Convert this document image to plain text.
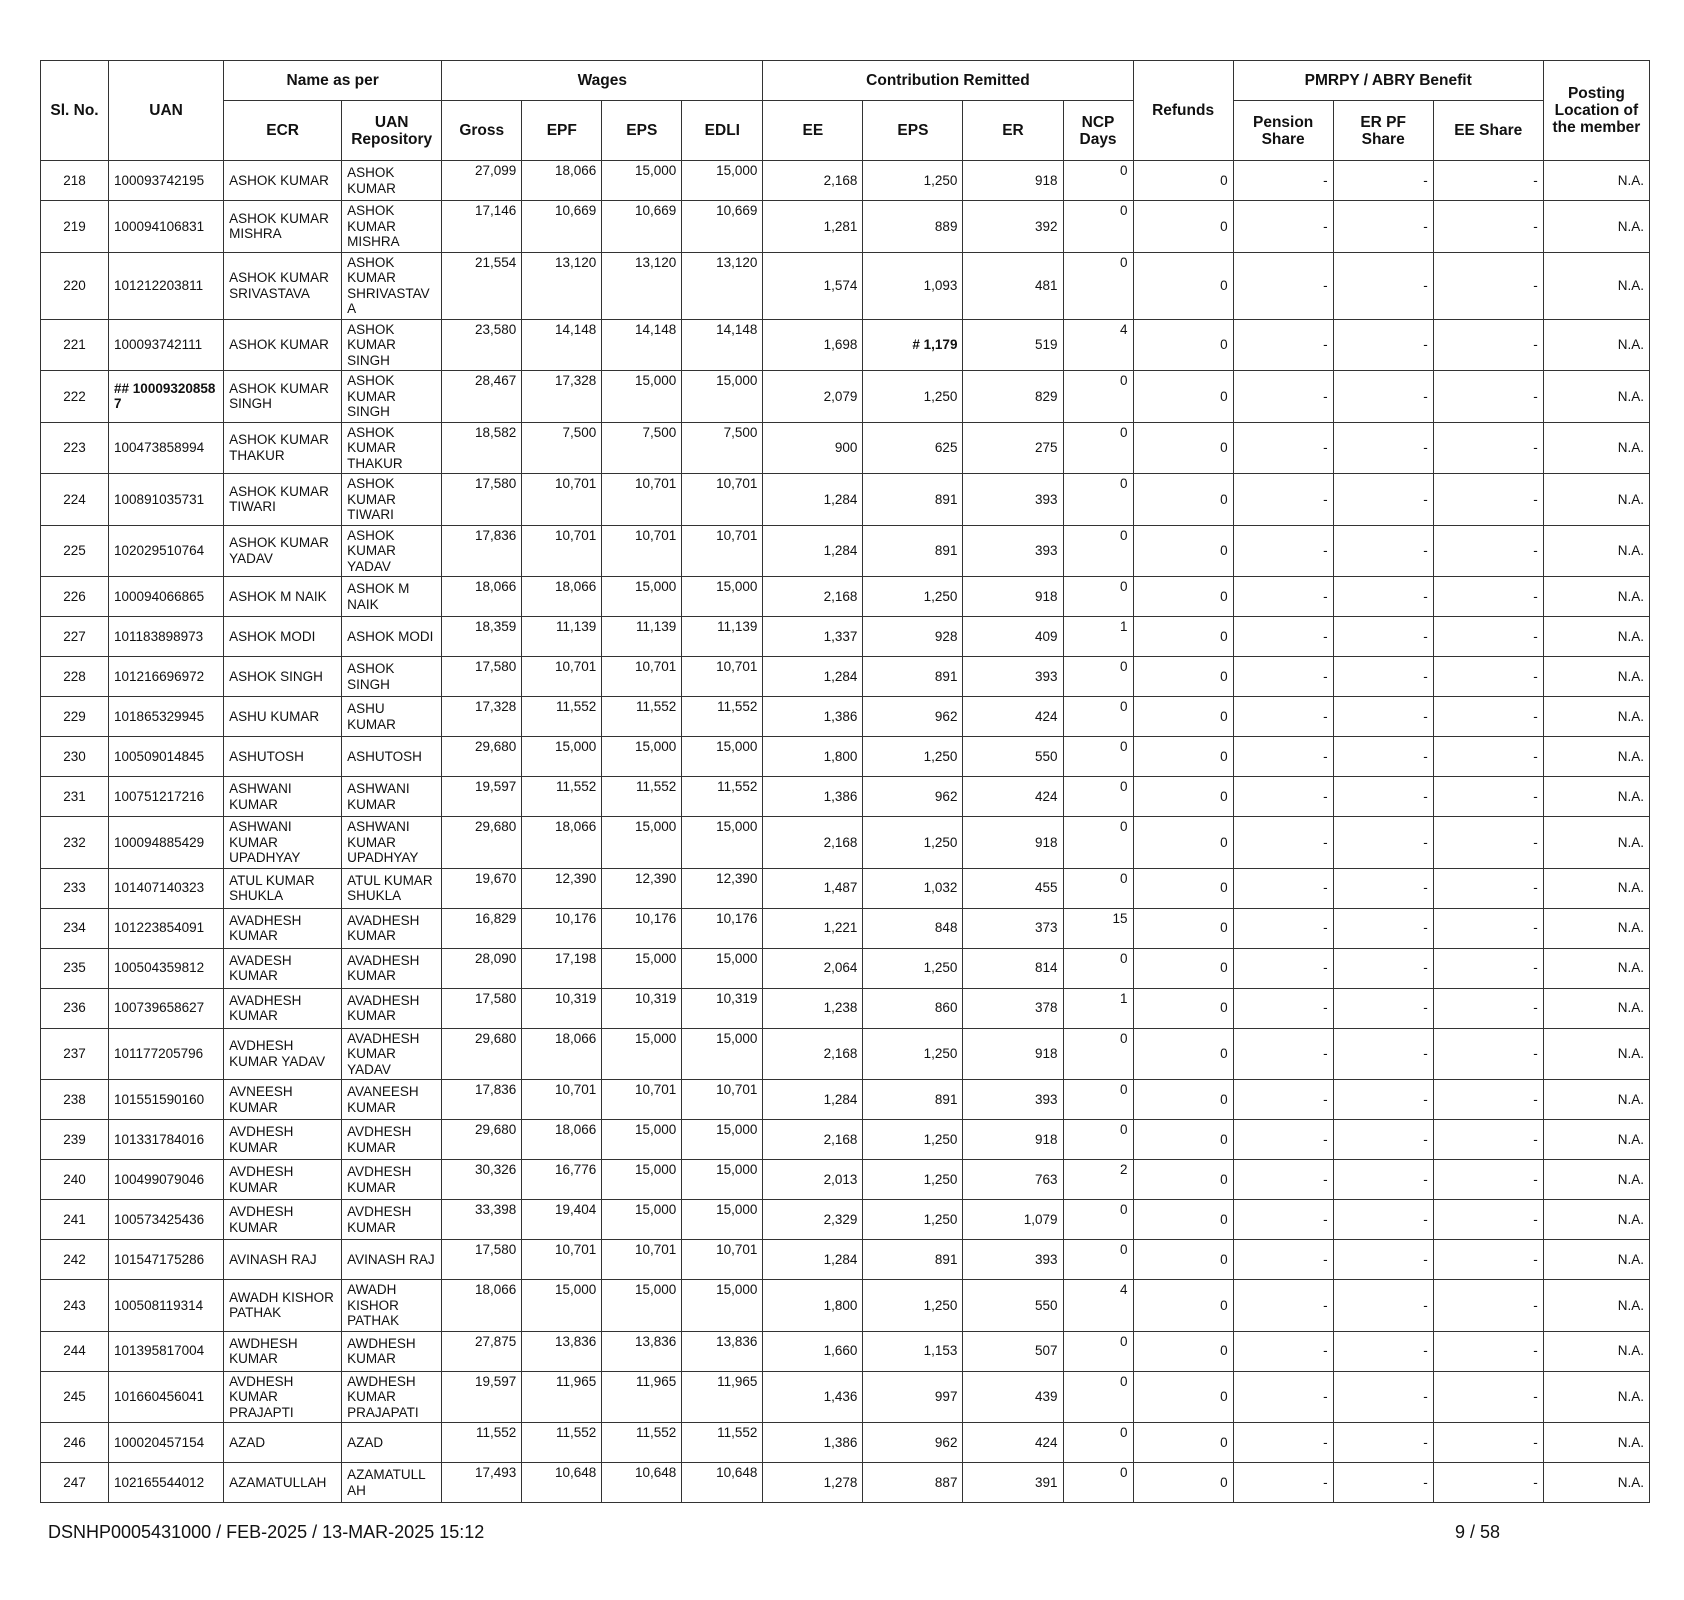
Sl. No.	UAN	Name as per		Wages				Contribution Remitted				Refunds	PMRPY / ABRY Benefit			Posting Location of the member
		ECR	UAN Repository	Gross	EPF	EPS	EDLI	EE	EPS	ER	NCP Days		Pension Share	ER PF Share	EE Share	
218	100093742195	ASHOK KUMAR	ASHOK KUMAR	27,099	18,066	15,000	15,000	2,168	1,250	918	0	0	-	-	-	N.A.
219	100094106831	ASHOK KUMAR MISHRA	ASHOK KUMAR MISHRA	17,146	10,669	10,669	10,669	1,281	889	392	0	0	-	-	-	N.A.
220	101212203811	ASHOK KUMAR SRIVASTAVA	ASHOK KUMAR SHRIVASTAV A	21,554	13,120	13,120	13,120	1,574	1,093	481	0	0	-	-	-	N.A.
221	100093742111	ASHOK KUMAR	ASHOK KUMAR SINGH	23,580	14,148	14,148	14,148	1,698	# 1,179	519	4	0	-	-	-	N.A.
222	## 10009320858 7	ASHOK KUMAR SINGH	ASHOK KUMAR SINGH	28,467	17,328	15,000	15,000	2,079	1,250	829	0	0	-	-	-	N.A.
223	100473858994	ASHOK KUMAR THAKUR	ASHOK KUMAR THAKUR	18,582	7,500	7,500	7,500	900	625	275	0	0	-	-	-	N.A.
224	100891035731	ASHOK KUMAR TIWARI	ASHOK KUMAR TIWARI	17,580	10,701	10,701	10,701	1,284	891	393	0	0	-	-	-	N.A.
225	102029510764	ASHOK KUMAR YADAV	ASHOK KUMAR YADAV	17,836	10,701	10,701	10,701	1,284	891	393	0	0	-	-	-	N.A.
226	100094066865	ASHOK M NAIK	ASHOK M NAIK	18,066	18,066	15,000	15,000	2,168	1,250	918	0	0	-	-	-	N.A.
227	101183898973	ASHOK MODI	ASHOK MODI	18,359	11,139	11,139	11,139	1,337	928	409	1	0	-	-	-	N.A.
228	101216696972	ASHOK SINGH	ASHOK SINGH	17,580	10,701	10,701	10,701	1,284	891	393	0	0	-	-	-	N.A.
229	101865329945	ASHU KUMAR	ASHU KUMAR	17,328	11,552	11,552	11,552	1,386	962	424	0	0	-	-	-	N.A.
230	100509014845	ASHUTOSH	ASHUTOSH	29,680	15,000	15,000	15,000	1,800	1,250	550	0	0	-	-	-	N.A.
231	100751217216	ASHWANI KUMAR	ASHWANI KUMAR	19,597	11,552	11,552	11,552	1,386	962	424	0	0	-	-	-	N.A.
232	100094885429	ASHWANI KUMAR UPADHYAY	ASHWANI KUMAR UPADHYAY	29,680	18,066	15,000	15,000	2,168	1,250	918	0	0	-	-	-	N.A.
233	101407140323	ATUL KUMAR SHUKLA	ATUL KUMAR SHUKLA	19,670	12,390	12,390	12,390	1,487	1,032	455	0	0	-	-	-	N.A.
234	101223854091	AVADHESH KUMAR	AVADHESH KUMAR	16,829	10,176	10,176	10,176	1,221	848	373	15	0	-	-	-	N.A.
235	100504359812	AVADESH KUMAR	AVADHESH KUMAR	28,090	17,198	15,000	15,000	2,064	1,250	814	0	0	-	-	-	N.A.
236	100739658627	AVADHESH KUMAR	AVADHESH KUMAR	17,580	10,319	10,319	10,319	1,238	860	378	1	0	-	-	-	N.A.
237	101177205796	AVDHESH KUMAR YADAV	AVADHESH KUMAR YADAV	29,680	18,066	15,000	15,000	2,168	1,250	918	0	0	-	-	-	N.A.
238	101551590160	AVNEESH KUMAR	AVANEESH KUMAR	17,836	10,701	10,701	10,701	1,284	891	393	0	0	-	-	-	N.A.
239	101331784016	AVDHESH KUMAR	AVDHESH KUMAR	29,680	18,066	15,000	15,000	2,168	1,250	918	0	0	-	-	-	N.A.
240	100499079046	AVDHESH KUMAR	AVDHESH KUMAR	30,326	16,776	15,000	15,000	2,013	1,250	763	2	0	-	-	-	N.A.
241	100573425436	AVDHESH KUMAR	AVDHESH KUMAR	33,398	19,404	15,000	15,000	2,329	1,250	1,079	0	0	-	-	-	N.A.
242	101547175286	AVINASH RAJ	AVINASH RAJ	17,580	10,701	10,701	10,701	1,284	891	393	0	0	-	-	-	N.A.
243	100508119314	AWADH KISHOR PATHAK	AWADH KISHOR PATHAK	18,066	15,000	15,000	15,000	1,800	1,250	550	4	0	-	-	-	N.A.
244	101395817004	AWDHESH KUMAR	AWDHESH KUMAR	27,875	13,836	13,836	13,836	1,660	1,153	507	0	0	-	-	-	N.A.
245	101660456041	AVDHESH KUMAR PRAJAPTI	AWDHESH KUMAR PRAJAPATI	19,597	11,965	11,965	11,965	1,436	997	439	0	0	-	-	-	N.A.
246	100020457154	AZAD	AZAD	11,552	11,552	11,552	11,552	1,386	962	424	0	0	-	-	-	N.A.
247	102165544012	AZAMATULLAH	AZAMATULL AH	17,493	10,648	10,648	10,648	1,278	887	391	0	0	-	-	-	N.A.
DSNHP0005431000 / FEB-2025 / 13-MAR-2025 15:12	9 / 58
